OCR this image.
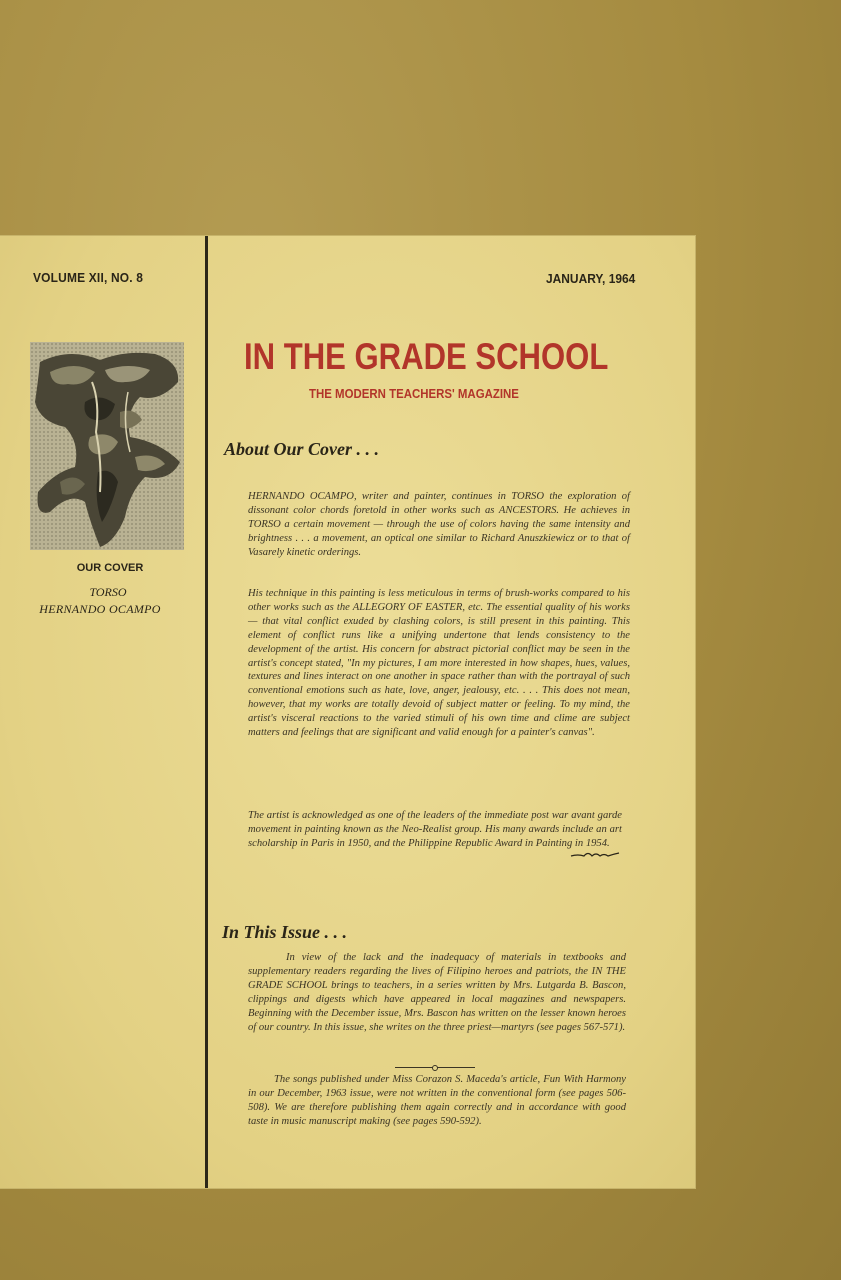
VOLUME XII, NO. 8	JANUARY, 1964
OUR COVER
TORSO
HERNANDO OCAMPO
IN THE GRADE SCHOOL
THE MODERN TEACHERS' MAGAZINE
About Our Cover . . .

HERNANDO OCAMPO, writer and painter, continues in TORSO the exploration of dissonant color chords foretold in other works such as ANCESTORS. He achieves in TORSO a certain movement — through the use of colors having the same intensity and brightness . . . a movement, an optical one similar to Richard Anuszkiewicz or to that of Vasarely kinetic orderings.

His technique in this painting is less meticulous in terms of brush-works compared to his other works such as the ALLEGORY OF EASTER, etc. The essential quality of his works — that vital conflict exuded by clashing colors, is still present in this painting. This element of conflict runs like a unifying undertone that lends consistency to the development of the artist. His concern for abstract pictorial conflict may be seen in the artist's concept stated, "In my pictures, I am more interested in how shapes, hues, values, textures and lines interact on one another in space rather than with the portrayal of such conventional emotions such as hate, love, anger, jealousy, etc. . . . This does not mean, however, that my works are totally devoid of subject matter or feeling. To my mind, the artist's visceral reactions to the varied stimuli of his own time and clime are subject matters and feelings that are significant and valid enough for a painter's canvas".

The artist is acknowledged as one of the leaders of the immediate post war avant garde movement in painting known as the Neo-Realist group. His many awards include an art scholarship in Paris in 1950, and the Philippine Republic Award in Painting in 1954.

In This Issue . . .

In view of the lack and the inadequacy of materials in textbooks and supplementary readers regarding the lives of Filipino heroes and patriots, the IN THE GRADE SCHOOL brings to teachers, in a series written by Mrs. Lutgarda B. Bascon, clippings and digests which have appeared in local magazines and newspapers. Beginning with the December issue, Mrs. Bascon has written on the lesser known heroes of our country. In this issue, she writes on the three priest—martyrs (see pages 567-571).

The songs published under Miss Corazon S. Maceda's article, Fun With Harmony in our December, 1963 issue, were not written in the conventional form (see pages 506-508). We are therefore publishing them again correctly and in accordance with good taste in music manuscript making (see pages 590-592).
